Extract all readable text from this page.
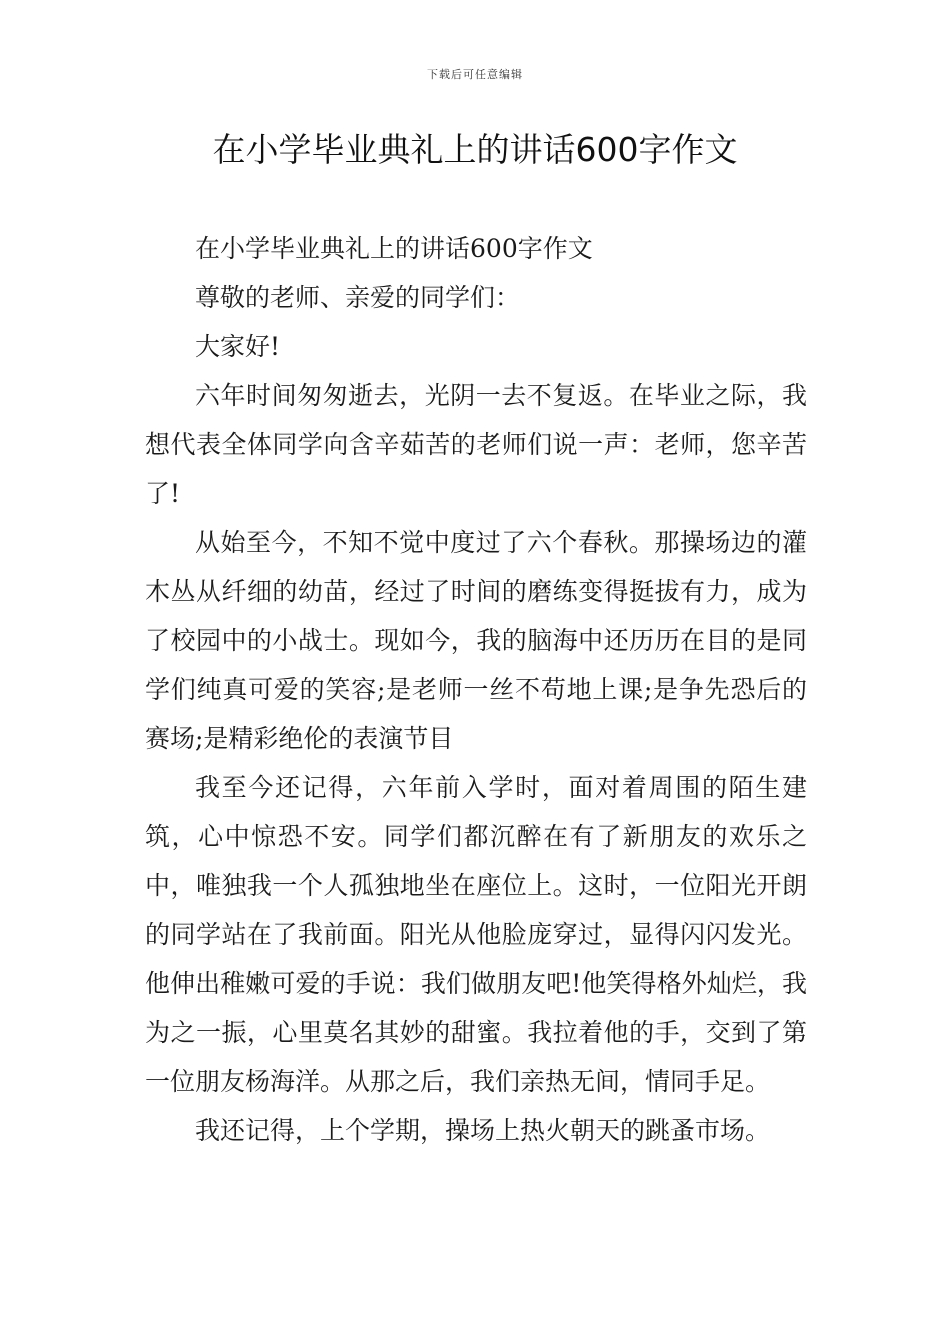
下载后可任意编辑
在小学毕业典礼上的讲话600字作文

在小学毕业典礼上的讲话600字作文

尊敬的老师、亲爱的同学们：

大家好!

六年时间匆匆逝去，光阴一去不复返。在毕业之际，我想代表全体同学向含辛茹苦的老师们说一声：老师，您辛苦了!

从始至今，不知不觉中度过了六个春秋。那操场边的灌木丛从纤细的幼苗，经过了时间的磨练变得挺拔有力，成为了校园中的小战士。现如今，我的脑海中还历历在目的是同学们纯真可爱的笑容;是老师一丝不苟地上课;是争先恐后的赛场;是精彩绝伦的表演节目

我至今还记得，六年前入学时，面对着周围的陌生建筑，心中惊恐不安。同学们都沉醉在有了新朋友的欢乐之中，唯独我一个人孤独地坐在座位上。这时，一位阳光开朗的同学站在了我前面。阳光从他脸庞穿过，显得闪闪发光。他伸出稚嫩可爱的手说：我们做朋友吧!他笑得格外灿烂，我为之一振，心里莫名其妙的甜蜜。我拉着他的手，交到了第一位朋友杨海洋。从那之后，我们亲热无间，情同手足。

我还记得，上个学期，操场上热火朝天的跳蚤市场。
